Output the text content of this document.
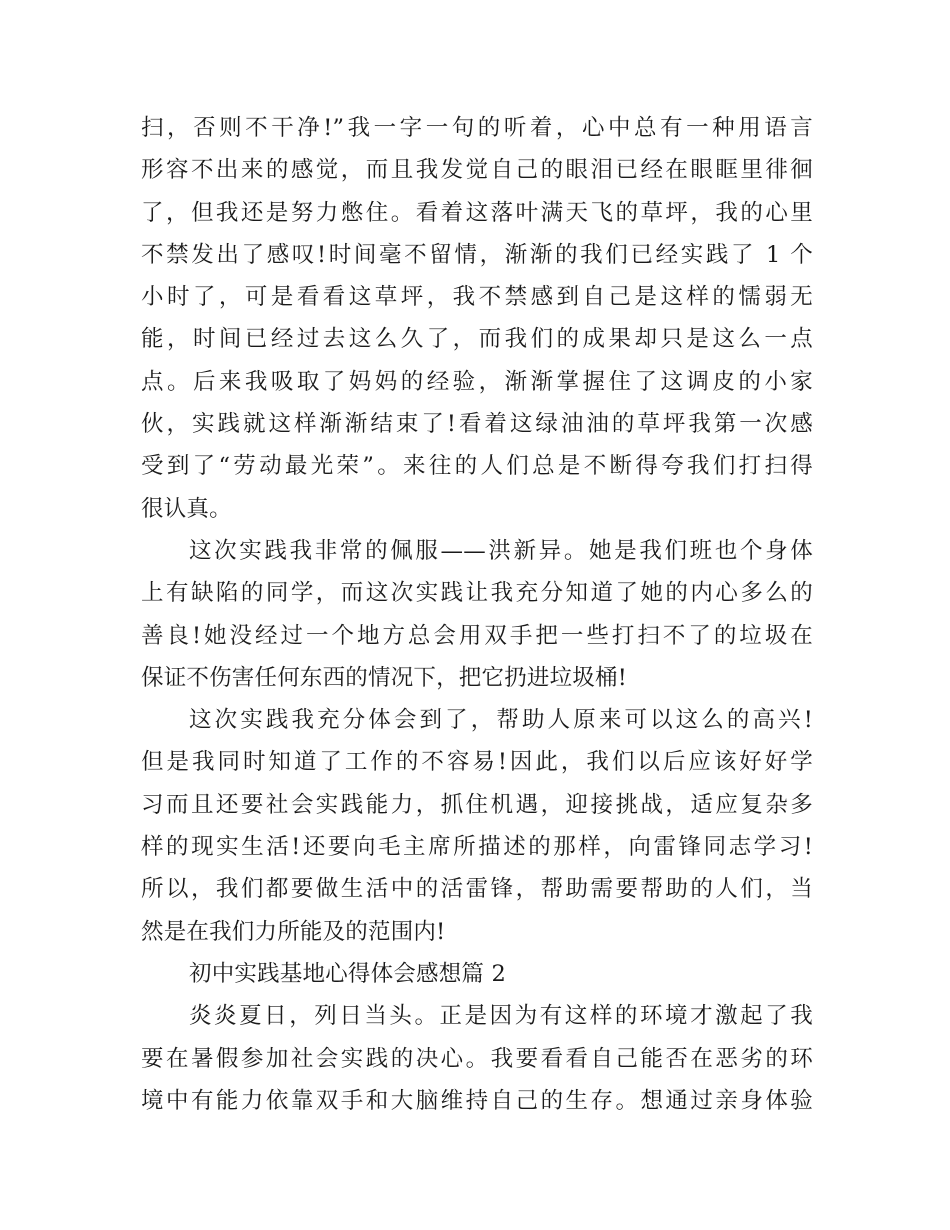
扫，否则不干净!”我一字一句的听着，心中总有一种用语言
形容不出来的感觉，而且我发觉自己的眼泪已经在眼眶里徘徊
了，但我还是努力憋住。看着这落叶满天飞的草坪，我的心里
不禁发出了感叹!时间毫不留情，渐渐的我们已经实践了 1 个
小时了，可是看看这草坪，我不禁感到自己是这样的懦弱无
能，时间已经过去这么久了，而我们的成果却只是这么一点
点。后来我吸取了妈妈的经验，渐渐掌握住了这调皮的小家
伙，实践就这样渐渐结束了!看着这绿油油的草坪我第一次感
受到了“劳动最光荣”。来往的人们总是不断得夸我们打扫得
很认真。
这次实践我非常的佩服——洪新异。她是我们班也个身体
上有缺陷的同学，而这次实践让我充分知道了她的内心多么的
善良!她没经过一个地方总会用双手把一些打扫不了的垃圾在
保证不伤害任何东西的情况下，把它扔进垃圾桶!
这次实践我充分体会到了，帮助人原来可以这么的高兴!
但是我同时知道了工作的不容易!因此，我们以后应该好好学
习而且还要社会实践能力，抓住机遇，迎接挑战，适应复杂多
样的现实生活!还要向毛主席所描述的那样，向雷锋同志学习!
所以，我们都要做生活中的活雷锋，帮助需要帮助的人们，当
然是在我们力所能及的范围内!
初中实践基地心得体会感想篇 2
炎炎夏日，列日当头。正是因为有这样的环境才激起了我
要在暑假参加社会实践的决心。我要看看自己能否在恶劣的环
境中有能力依靠双手和大脑维持自己的生存。想通过亲身体验
